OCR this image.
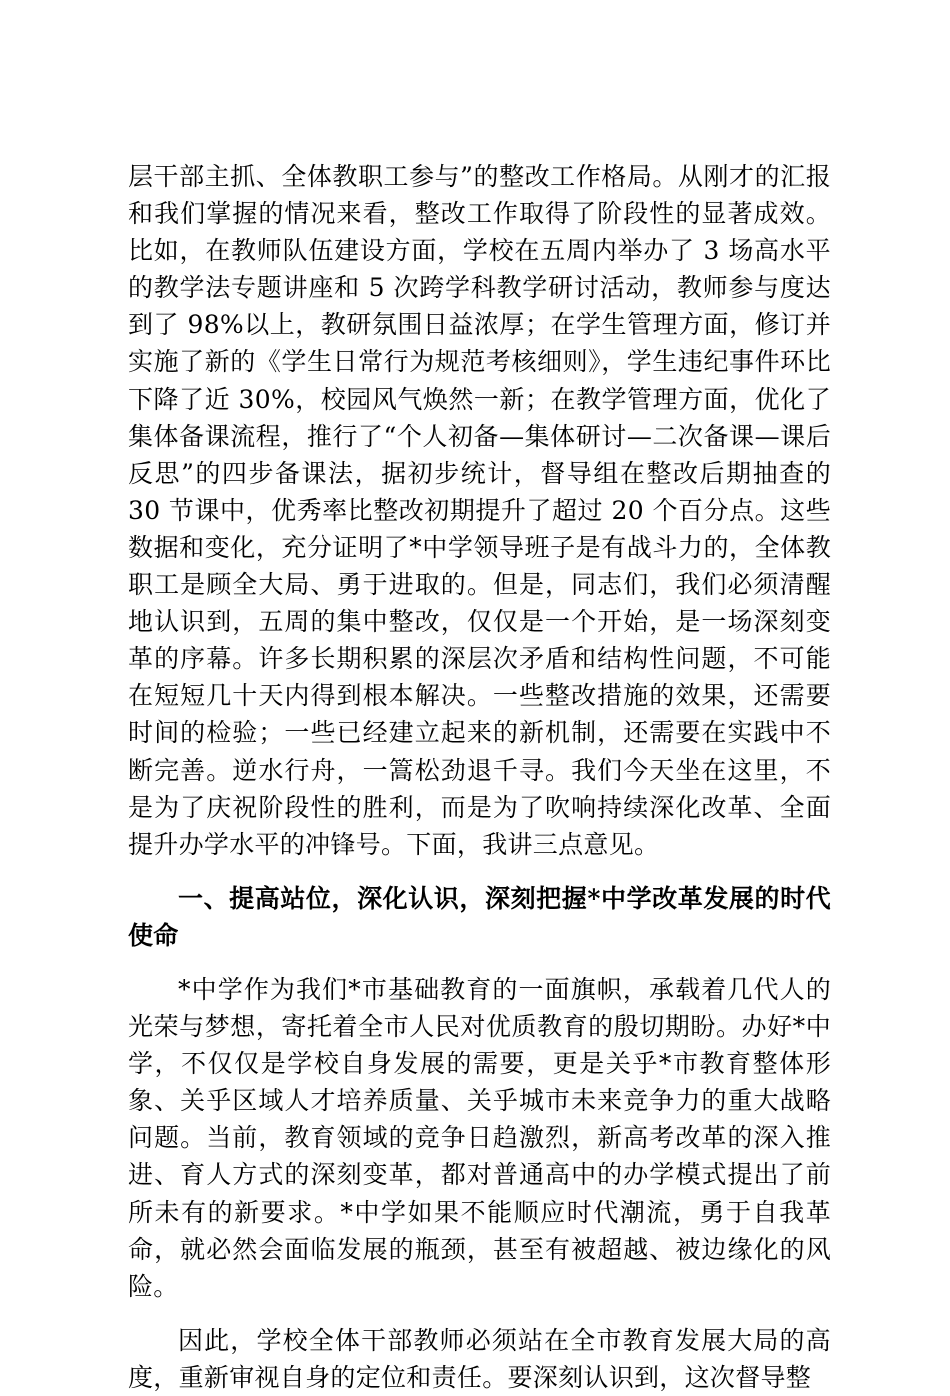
层干部主抓、全体教职工参与”的整改工作格局。从刚才的汇报和我们掌握的情况来看，整改工作取得了阶段性的显著成效。比如，在教师队伍建设方面，学校在五周内举办了 3 场高水平的教学法专题讲座和 5 次跨学科教学研讨活动，教师参与度达到了 98%以上，教研氛围日益浓厚；在学生管理方面，修订并实施了新的《学生日常行为规范考核细则》，学生违纪事件环比下降了近 30%，校园风气焕然一新；在教学管理方面，优化了集体备课流程，推行了“个人初备—集体研讨—二次备课—课后反思”的四步备课法，据初步统计，督导组在整改后期抽查的 30 节课中，优秀率比整改初期提升了超过 20 个百分点。这些数据和变化，充分证明了*中学领导班子是有战斗力的，全体教职工是顾全大局、勇于进取的。但是，同志们，我们必须清醒地认识到，五周的集中整改，仅仅是一个开始，是一场深刻变革的序幕。许多长期积累的深层次矛盾和结构性问题，不可能在短短几十天内得到根本解决。一些整改措施的效果，还需要时间的检验；一些已经建立起来的新机制，还需要在实践中不断完善。逆水行舟，一篙松劲退千寻。我们今天坐在这里，不是为了庆祝阶段性的胜利，而是为了吹响持续深化改革、全面提升办学水平的冲锋号。下面，我讲三点意见。

一、提高站位，深化认识，深刻把握*中学改革发展的时代使命

*中学作为我们*市基础教育的一面旗帜，承载着几代人的光荣与梦想，寄托着全市人民对优质教育的殷切期盼。办好*中学，不仅仅是学校自身发展的需要，更是关乎*市教育整体形象、关乎区域人才培养质量、关乎城市未来竞争力的重大战略问题。当前，教育领域的竞争日趋激烈，新高考改革的深入推进、育人方式的深刻变革，都对普通高中的办学模式提出了前所未有的新要求。*中学如果不能顺应时代潮流，勇于自我革命，就必然会面临发展的瓶颈，甚至有被超越、被边缘化的风险。

因此，学校全体干部教师必须站在全市教育发展大局的高度，重新审视自身的定位和责任。要深刻认识到，这次督导整
